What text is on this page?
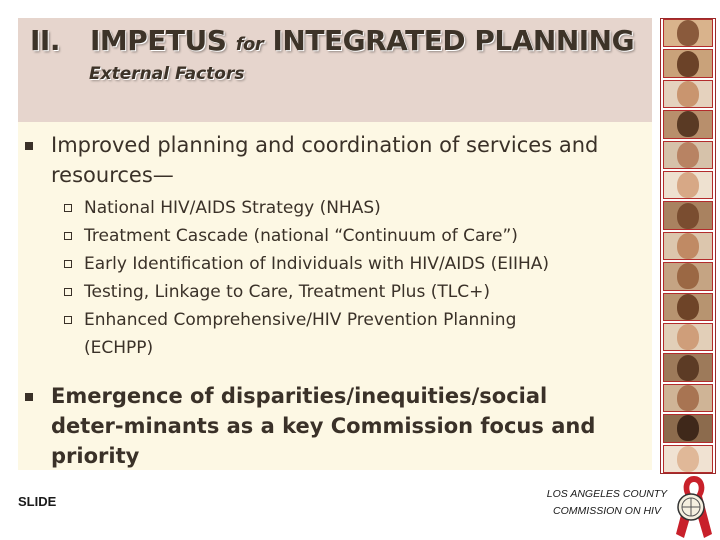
II. IMPETUS for INTEGRATED PLANNING
External Factors
Improved planning and coordination of services and resources—
National HIV/AIDS Strategy (NHAS)
Treatment Cascade (national “Continuum of Care”)
Early Identification of Individuals with HIV/AIDS (EIIHA)
Testing, Linkage to Care, Treatment Plus (TLC+)
Enhanced Comprehensive/HIV Prevention Planning
(ECHPP)
Emergence of disparities/inequities/social deter-minants as a key Commission focus and priority
SLIDE	LOS ANGELES COUNTY
COMMISSION ON HIV
